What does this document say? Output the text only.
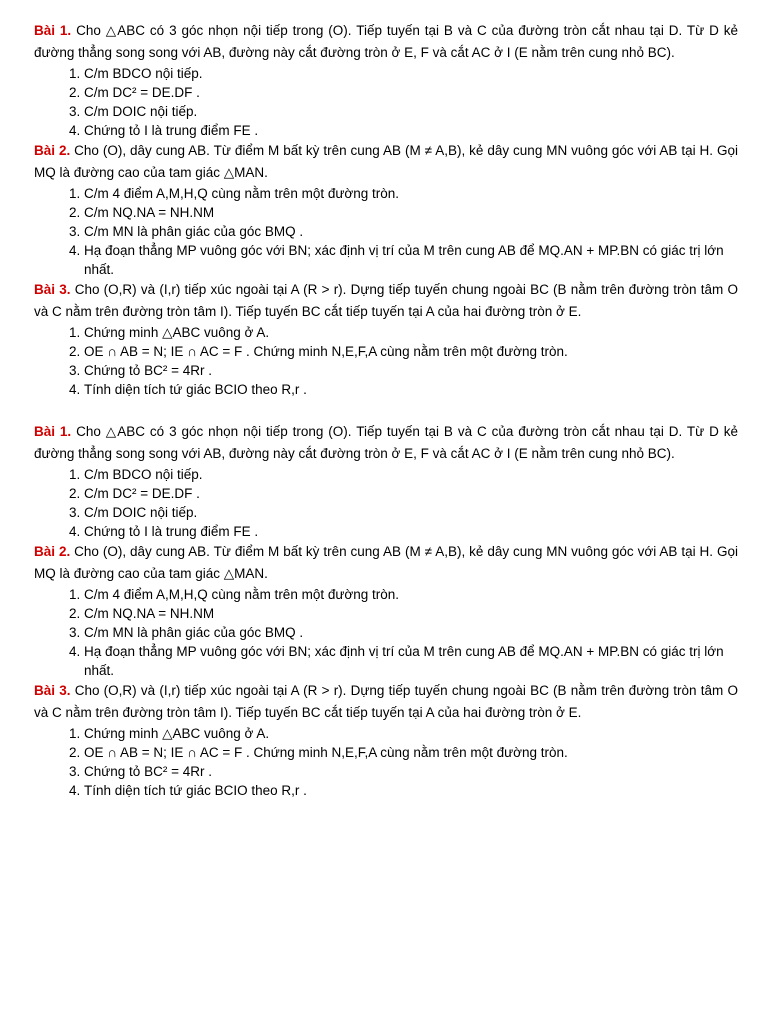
Bài 1. Cho △ABC có 3 góc nhọn nội tiếp trong (O). Tiếp tuyến tại B và C của đường tròn cắt nhau tại D. Từ D kẻ đường thẳng song song với AB, đường này cắt đường tròn ở E, F và cắt AC ở I (E nằm trên cung nhỏ BC).

1. C/m BDCO nội tiếp.
2. C/m DC² = DE.DF .
3. C/m DOIC nội tiếp.
4. Chứng tỏ I là trung điểm FE .

Bài 2. Cho (O), dây cung AB. Từ điểm M bất kỳ trên cung AB (M ≠ A,B), kẻ dây cung MN vuông góc với AB tại H. Gọi MQ là đường cao của tam giác △MAN.

1. C/m 4 điểm A,M,H,Q cùng nằm trên một đường tròn.
2. C/m NQ.NA = NH.NM
3. C/m MN là phân giác của góc BMQ .
4. Hạ đoạn thẳng MP vuông góc với BN; xác định vị trí của M trên cung AB để MQ.AN + MP.BN có giác trị lớn nhất.

Bài 3. Cho (O,R) và (I,r) tiếp xúc ngoài tại A (R > r). Dựng tiếp tuyến chung ngoài BC (B nằm trên đường tròn tâm O và C nằm trên đường tròn tâm I). Tiếp tuyến BC cắt tiếp tuyến tại A của hai đường tròn ở E.

1. Chứng minh △ABC vuông ở A.
2. OE ∩ AB = N; IE ∩ AC = F . Chứng minh N,E,F,A cùng nằm trên một đường tròn.
3. Chứng tỏ BC² = 4Rr .
4. Tính diện tích tứ giác BCIO theo R,r .

Bài 1. Cho △ABC có 3 góc nhọn nội tiếp trong (O). Tiếp tuyến tại B và C của đường tròn cắt nhau tại D. Từ D kẻ đường thẳng song song với AB, đường này cắt đường tròn ở E, F và cắt AC ở I (E nằm trên cung nhỏ BC).

1. C/m BDCO nội tiếp.
2. C/m DC² = DE.DF .
3. C/m DOIC nội tiếp.
4. Chứng tỏ I là trung điểm FE .

Bài 2. Cho (O), dây cung AB. Từ điểm M bất kỳ trên cung AB (M ≠ A,B), kẻ dây cung MN vuông góc với AB tại H. Gọi MQ là đường cao của tam giác △MAN.

1. C/m 4 điểm A,M,H,Q cùng nằm trên một đường tròn.
2. C/m NQ.NA = NH.NM
3. C/m MN là phân giác của góc BMQ .
4. Hạ đoạn thẳng MP vuông góc với BN; xác định vị trí của M trên cung AB để MQ.AN + MP.BN có giác trị lớn nhất.

Bài 3. Cho (O,R) và (I,r) tiếp xúc ngoài tại A (R > r). Dựng tiếp tuyến chung ngoài BC (B nằm trên đường tròn tâm O và C nằm trên đường tròn tâm I). Tiếp tuyến BC cắt tiếp tuyến tại A của hai đường tròn ở E.

1. Chứng minh △ABC vuông ở A.
2. OE ∩ AB = N; IE ∩ AC = F . Chứng minh N,E,F,A cùng nằm trên một đường tròn.
3. Chứng tỏ BC² = 4Rr .
4. Tính diện tích tứ giác BCIO theo R,r .
